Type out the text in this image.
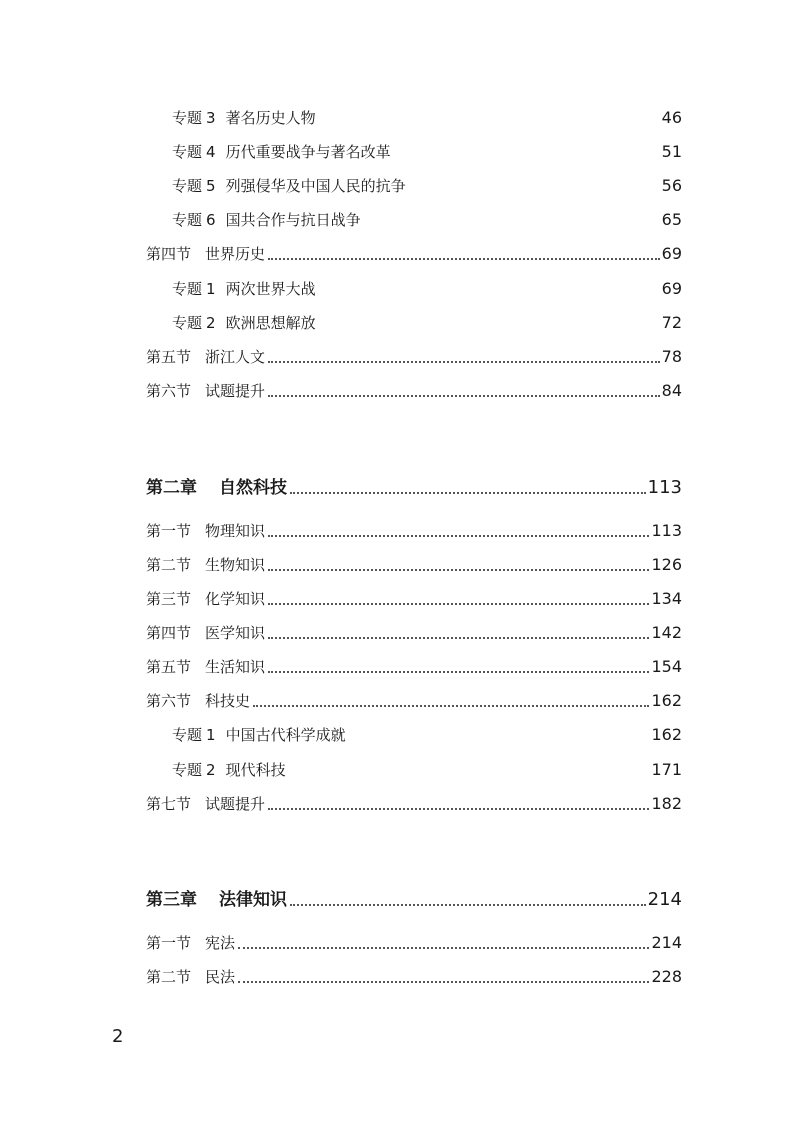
专题 3 著名历史人物	46
专题 4 历代重要战争与著名改革	51
专题 5 列强侵华及中国人民的抗争	56
专题 6 国共合作与抗日战争	65
第四节 世界历史	69
专题 1 两次世界大战	69
专题 2 欧洲思想解放	72
第五节 浙江人文	78
第六节 试题提升	84
第二章 自然科技	113
第一节 物理知识	113
第二节 生物知识	126
第三节 化学知识	134
第四节 医学知识	142
第五节 生活知识	154
第六节 科技史	162
专题 1 中国古代科学成就	162
专题 2 现代科技	171
第七节 试题提升	182
第三章 法律知识	214
第一节 宪法	214
第二节 民法	228
2
